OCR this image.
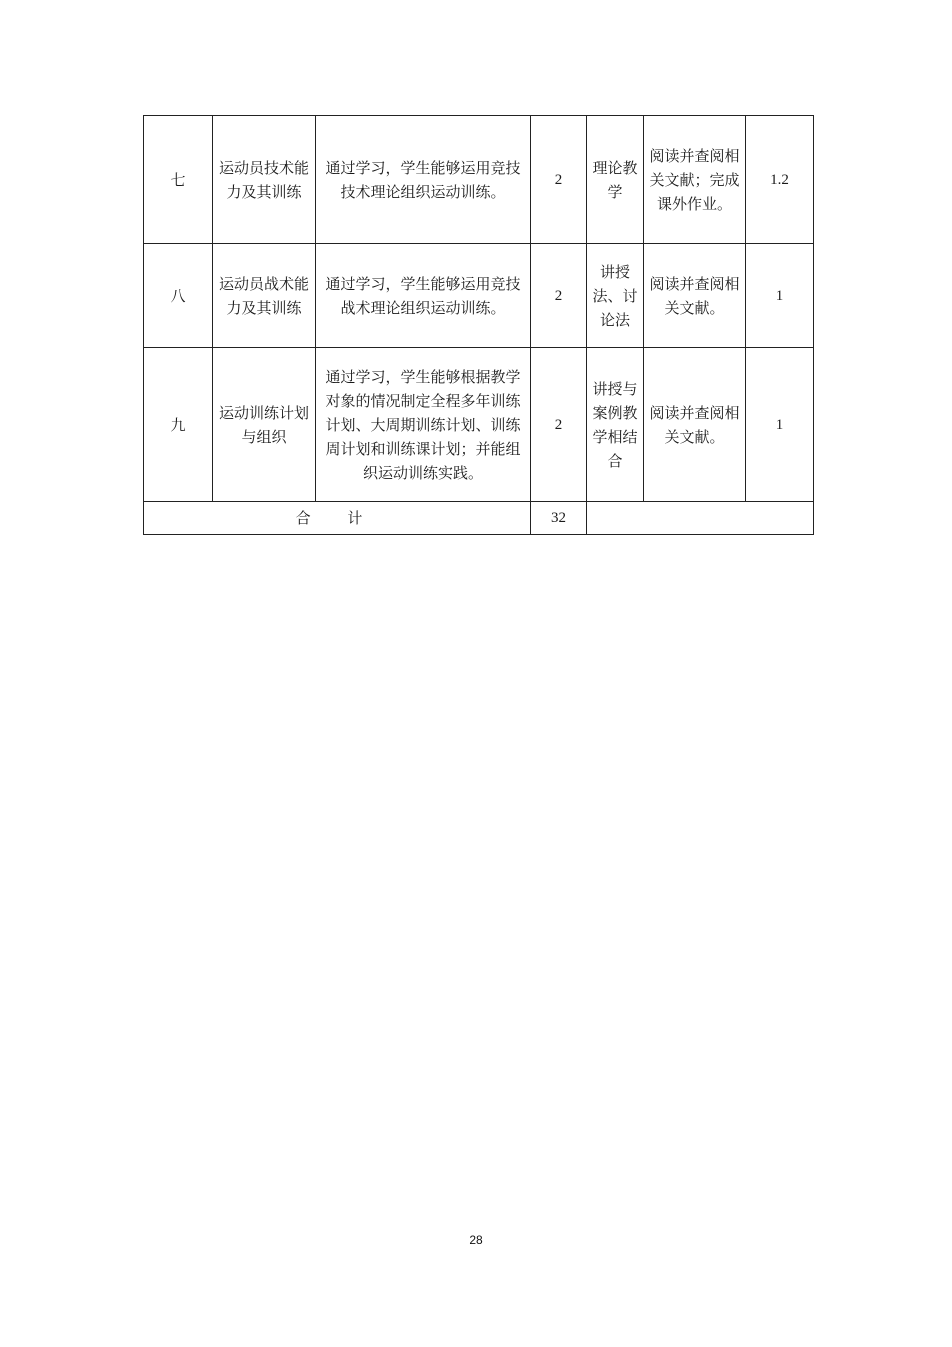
七	运动员技术能力及其训练	通过学习，学生能够运用竞技技术理论组织运动训练。	2	理论教学	阅读并查阅相关文献；完成课外作业。	1.2
八	运动员战术能力及其训练	通过学习，学生能够运用竞技战术理论组织运动训练。	2	讲授法、讨论法	阅读并查阅相关文献。	1
九	运动训练计划与组织	通过学习，学生能够根据教学对象的情况制定全程多年训练计划、大周期训练计划、训练周计划和训练课计划；并能组织运动训练实践。	2	讲授与案例教学相结合	阅读并查阅相关文献。	1
合 计			32			
28
